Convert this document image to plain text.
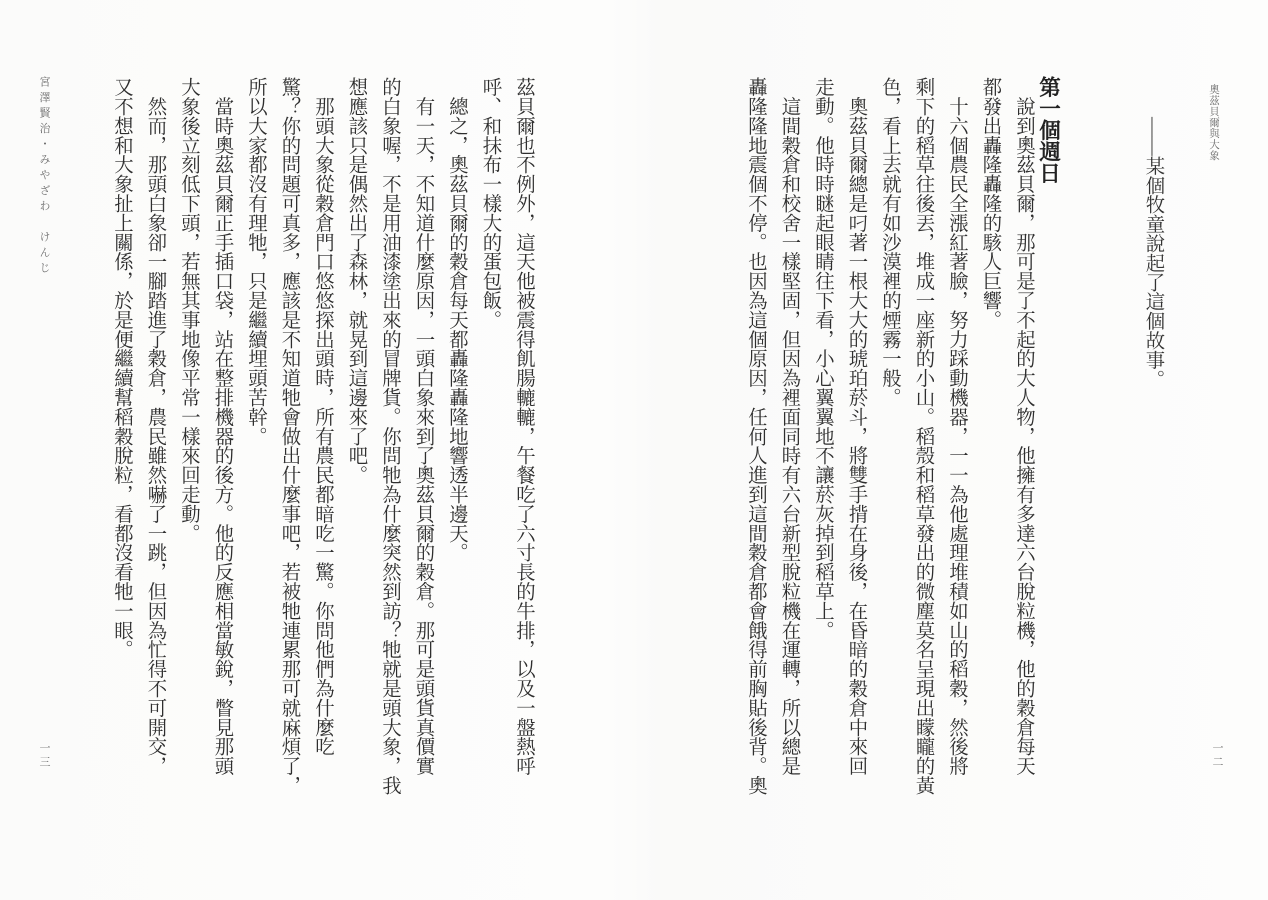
奧茲貝爾與大象
一二
——某個牧童說起了這個故事。
第一個週日
　說到奧茲貝爾，那可是了不起的大人物，他擁有多達六台脫粒機，他的穀倉每天
都發出轟隆轟隆的駭人巨響。
　十六個農民全漲紅著臉，努力踩動機器，一一為他處理堆積如山的稻穀，然後將
剩下的稻草往後丟，堆成一座新的小山。稻殼和稻草發出的微塵莫名呈現出矇矓的黃
色，看上去就有如沙漠裡的煙霧一般。
　奧茲貝爾總是叼著一根大大的琥珀菸斗，將雙手揹在身後，在昏暗的穀倉中來回
走動。他時時瞇起眼睛往下看，小心翼翼地不讓菸灰掉到稻草上。
　這間穀倉和校舍一樣堅固，但因為裡面同時有六台新型脫粒機在運轉，所以總是
轟隆隆地震個不停。也因為這個原因，任何人進到這間穀倉都會餓得前胸貼後背。奧
茲貝爾也不例外，這天他被震得飢腸轆轆，午餐吃了六寸長的牛排，以及一盤熱呼
呼、和抹布一樣大的蛋包飯。
　總之，奧茲貝爾的穀倉每天都轟隆轟隆地響透半邊天。
　有一天，不知道什麼原因，一頭白象來到了奧茲貝爾的穀倉。那可是頭貨真價實
的白象喔，不是用油漆塗出來的冒牌貨。你問牠為什麼突然到訪？牠就是頭大象，我
想應該只是偶然出了森林，就晃到這邊來了吧。
　那頭大象從穀倉門口悠悠探出頭時，所有農民都暗吃一驚。你問他們為什麼吃
驚？你的問題可真多，應該是不知道牠會做出什麼事吧，若被牠連累那可就麻煩了，
所以大家都沒有理牠，只是繼續埋頭苦幹。
　當時奧茲貝爾正手插口袋，站在整排機器的後方。他的反應相當敏銳，瞥見那頭
大象後立刻低下頭，若無其事地像平常一樣來回走動。
　然而，那頭白象卻一腳踏進了穀倉，農民雖然嚇了一跳，但因為忙得不可開交，
又不想和大象扯上關係，於是便繼續幫稻穀脫粒，看都沒看牠一眼。
宮澤賢治・みやざわ　けんじ
一三
